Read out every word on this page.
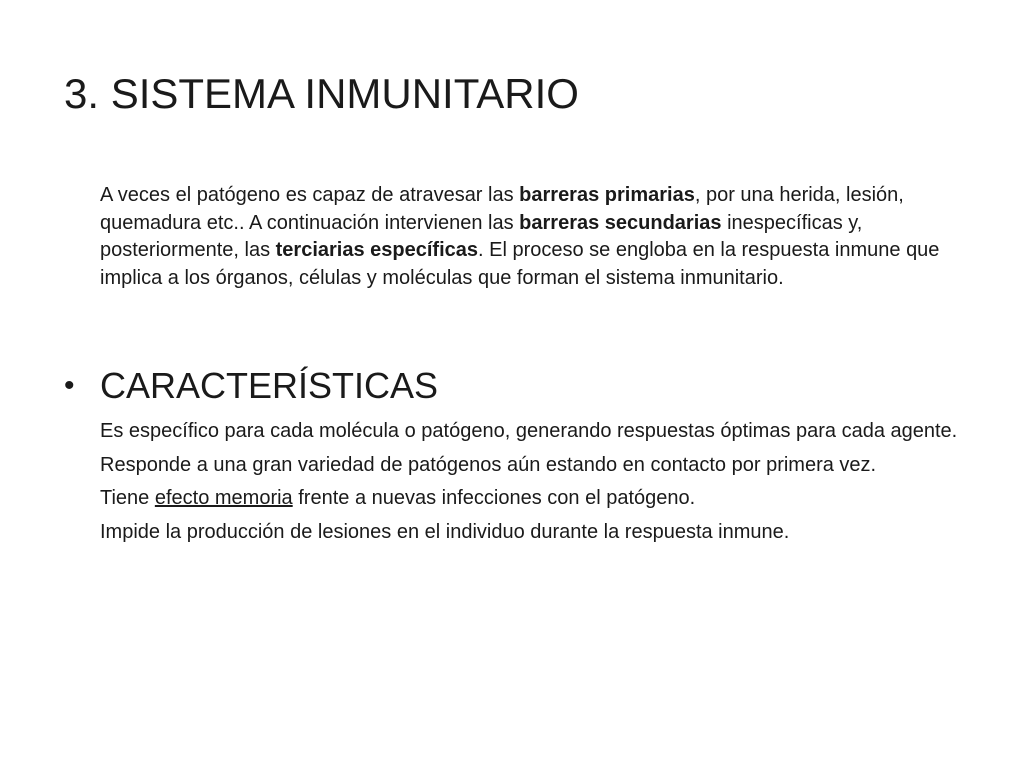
3. SISTEMA INMUNITARIO

A veces el patógeno es capaz de atravesar las barreras primarias, por una herida, lesión, quemadura etc.. A continuación intervienen las barreras secundarias inespecíficas y, posteriormente, las terciarias específicas. El proceso se engloba en la respuesta inmune que implica a los órganos, células y moléculas que forman el sistema inmunitario.

• CARACTERÍSTICAS
Es específico para cada molécula o patógeno, generando respuestas óptimas para cada agente.
Responde a una gran variedad de patógenos aún estando en contacto por primera vez.
Tiene efecto memoria frente a nuevas infecciones con el patógeno.
Impide la producción de lesiones en el individuo durante la respuesta inmune.
